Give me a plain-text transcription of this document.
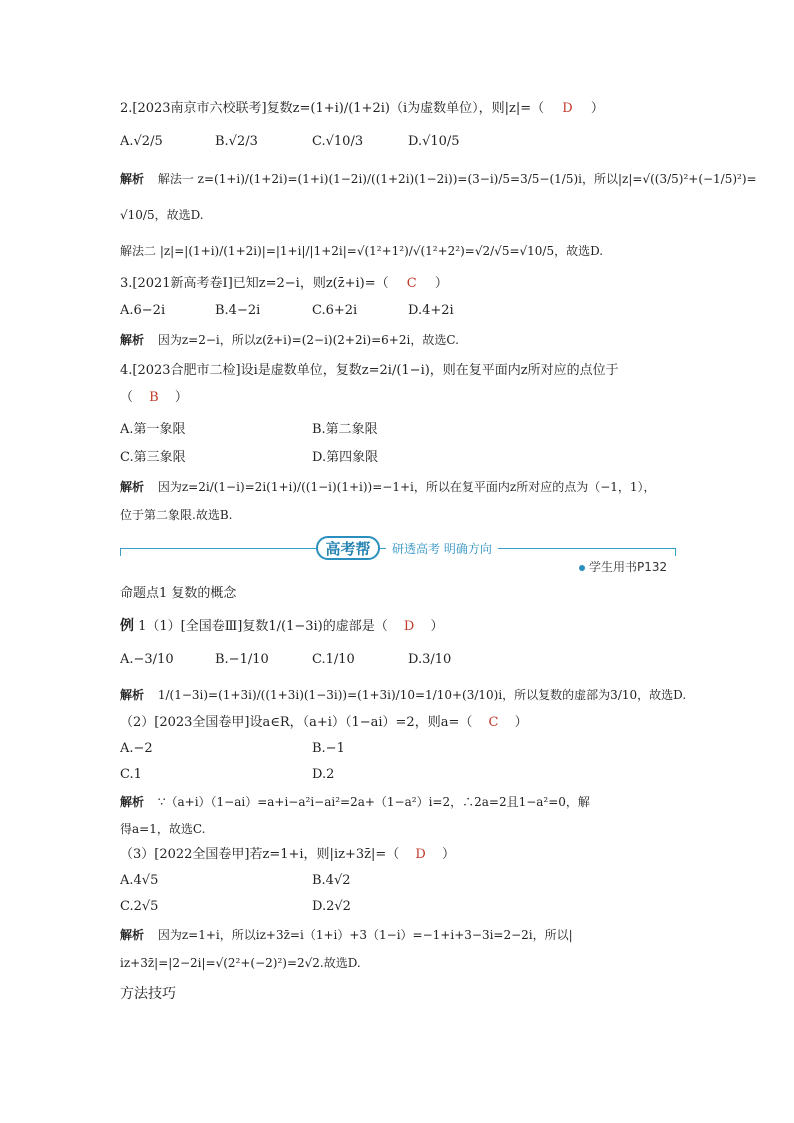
2.[2023南京市六校联考]复数z=(1+i)/(1+2i)（i为虚数单位），则|z|=（ D ）
A.√2/5	B.√2/3	C.√10/3	D.√10/5
解析 解法一 z=(1+i)/(1+2i)=(1+i)(1−2i)/((1+2i)(1−2i))=(3−i)/5=3/5−(1/5)i，所以|z|=√((3/5)²+(−1/5)²)=
√10/5，故选D.
解法二 |z|=|(1+i)/(1+2i)|=|1+i|/|1+2i|=√(1²+1²)/√(1²+2²)=√2/√5=√10/5，故选D.
3.[2021新高考卷Ⅰ]已知z=2−i，则z(z̄+i)=（ C ）
A.6−2i	B.4−2i	C.6+2i	D.4+2i
解析 因为z=2−i，所以z(z̄+i)=(2−i)(2+2i)=6+2i，故选C.
4.[2023合肥市二检]设i是虚数单位，复数z=2i/(1−i)，则在复平面内z所对应的点位于
（ B ）
A.第一象限	B.第二象限
C.第三象限	D.第四象限
解析 因为z=2i/(1−i)=2i(1+i)/((1−i)(1+i))=−1+i，所以在复平面内z所对应的点为（−1，1），
位于第二象限.故选B.
高考帮	研透高考 明确方向
学生用书P132
命题点1 复数的概念
例 1（1）[全国卷Ⅲ]复数1/(1−3i)的虚部是（ D ）
A.−3/10	B.−1/10	C.1/10	D.3/10
解析 1/(1−3i)=(1+3i)/((1+3i)(1−3i))=(1+3i)/10=1/10+(3/10)i，所以复数的虚部为3/10，故选D.
（2）[2023全国卷甲]设a∈R，（a+i）（1−ai）=2，则a=（ C ）
A.−2	B.−1
C.1	D.2
解析 ∵（a+i）（1−ai）=a+i−a²i−ai²=2a+（1−a²）i=2，∴2a=2且1−a²=0，解
得a=1，故选C.
（3）[2022全国卷甲]若z=1+i，则|iz+3z̄|=（ D ）
A.4√5	B.4√2
C.2√5	D.2√2
解析 因为z=1+i，所以iz+3z̄=i（1+i）+3（1−i）=−1+i+3−3i=2−2i，所以|
iz+3z̄|=|2−2i|=√(2²+(−2)²)=2√2.故选D.
方法技巧
